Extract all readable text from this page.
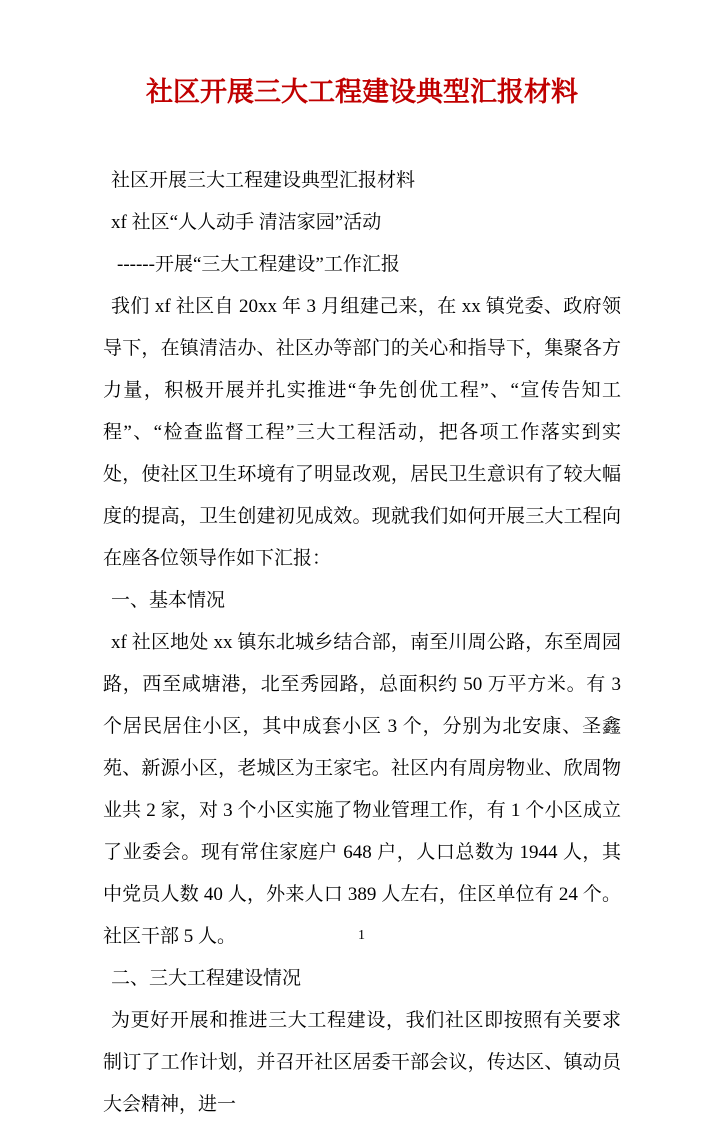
社区开展三大工程建设典型汇报材料

社区开展三大工程建设典型汇报材料

xf 社区“人人动手 清洁家园”活动

------开展“三大工程建设”工作汇报

我们 xf 社区自 20xx 年 3 月组建己来，在 xx 镇党委、政府领导下，在镇清洁办、社区办等部门的关心和指导下，集聚各方力量，积极开展并扎实推进“争先创优工程”、“宣传告知工程”、“检查监督工程”三大工程活动，把各项工作落实到实处，使社区卫生环境有了明显改观，居民卫生意识有了较大幅度的提高，卫生创建初见成效。现就我们如何开展三大工程向在座各位领导作如下汇报：

一、基本情况

xf 社区地处 xx 镇东北城乡结合部，南至川周公路，东至周园路，西至咸塘港，北至秀园路，总面积约 50 万平方米。有 3 个居民居住小区，其中成套小区 3 个，分别为北安康、圣鑫苑、新源小区，老城区为王家宅。社区内有周房物业、欣周物业共 2 家，对 3 个小区实施了物业管理工作，有 1 个小区成立了业委会。现有常住家庭户 648 户，人口总数为 1944 人，其中党员人数 40 人，外来人口 389 人左右，住区单位有 24 个。社区干部 5 人。

二、三大工程建设情况

为更好开展和推进三大工程建设，我们社区即按照有关要求制订了工作计划，并召开社区居委干部会议，传达区、镇动员大会精神，进一

1
